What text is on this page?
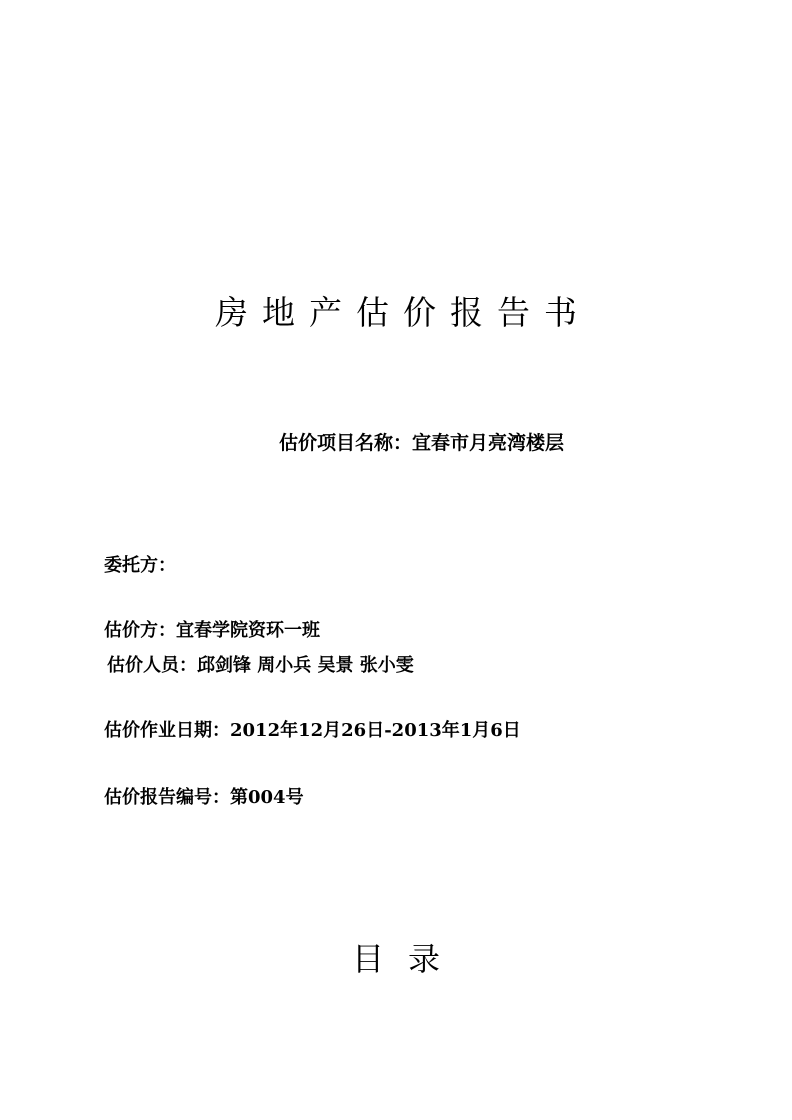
房地产估价报告书
估价项目名称：宜春市月亮湾楼层
委托方：
估价方：宜春学院资环一班
估价人员：邱剑锋 周小兵 吴景 张小雯
估价作业日期：2012年12月26日-2013年1月6日
估价报告编号：第004号
目录
